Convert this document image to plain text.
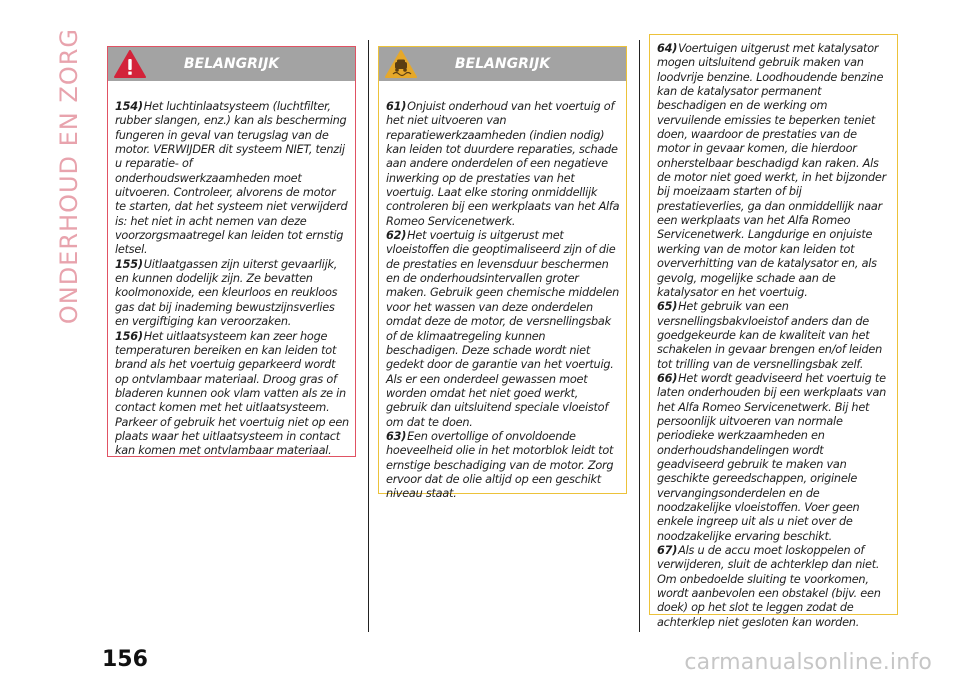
ONDERHOUD EN ZORG	BELANGRIJK
154)Het luchtinlaatsysteem (luchtfilter, rubber slangen, enz.) kan als bescherming fungeren in geval van terugslag van de motor. VERWIJDER dit systeem NIET, tenzij u reparatie- of onderhoudswerkzaamheden moet uitvoeren. Controleer, alvorens de motor te starten, dat het systeem niet verwijderd is: het niet in acht nemen van deze voorzorgsmaatregel kan leiden tot ernstig letsel.
155)Uitlaatgassen zijn uiterst gevaarlijk, en kunnen dodelijk zijn. Ze bevatten koolmonoxide, een kleurloos en reukloos gas dat bij inademing bewustzijnsverlies en vergiftiging kan veroorzaken.
156)Het uitlaatsysteem kan zeer hoge temperaturen bereiken en kan leiden tot brand als het voertuig geparkeerd wordt op ontvlambaar materiaal. Droog gras of bladeren kunnen ook vlam vatten als ze in contact komen met het uitlaatsysteem. Parkeer of gebruik het voertuig niet op een plaats waar het uitlaatsysteem in contact kan komen met ontvlambaar materiaal.
BELANGRIJK
61)Onjuist onderhoud van het voertuig of het niet uitvoeren van reparatiewerkzaamheden (indien nodig) kan leiden tot duurdere reparaties, schade aan andere onderdelen of een negatieve inwerking op de prestaties van het voertuig. Laat elke storing onmiddellijk controleren bij een werkplaats van het Alfa Romeo Servicenetwerk.
62)Het voertuig is uitgerust met vloeistoffen die geoptimaliseerd zijn of die de prestaties en levensduur beschermen en de onderhoudsintervallen groter maken. Gebruik geen chemische middelen voor het wassen van deze onderdelen omdat deze de motor, de versnellingsbak of de klimaatregeling kunnen beschadigen. Deze schade wordt niet gedekt door de garantie van het voertuig. Als er een onderdeel gewassen moet worden omdat het niet goed werkt, gebruik dan uitsluitend speciale vloeistof om dat te doen.
63)Een overtollige of onvoldoende hoeveelheid olie in het motorblok leidt tot ernstige beschadiging van de motor. Zorg ervoor dat de olie altijd op een geschikt niveau staat.
64)Voertuigen uitgerust met katalysator mogen uitsluitend gebruik maken van loodvrije benzine. Loodhoudende benzine kan de katalysator permanent beschadigen en de werking om vervuilende emissies te beperken teniet doen, waardoor de prestaties van de motor in gevaar komen, die hierdoor onherstelbaar beschadigd kan raken. Als de motor niet goed werkt, in het bijzonder bij moeizaam starten of bij prestatieverlies, ga dan onmiddellijk naar een werkplaats van het Alfa Romeo Servicenetwerk. Langdurige en onjuiste werking van de motor kan leiden tot oververhitting van de katalysator en, als gevolg, mogelijke schade aan de katalysator en het voertuig.
65)Het gebruik van een versnellingsbakvloeistof anders dan de goedgekeurde kan de kwaliteit van het schakelen in gevaar brengen en/of leiden tot trilling van de versnellingsbak zelf.
66)Het wordt geadviseerd het voertuig te laten onderhouden bij een werkplaats van het Alfa Romeo Servicenetwerk. Bij het persoonlijk uitvoeren van normale periodieke werkzaamheden en onderhoudshandelingen wordt geadviseerd gebruik te maken van geschikte gereedschappen, originele vervangingsonderdelen en de noodzakelijke vloeistoffen. Voer geen enkele ingreep uit als u niet over de noodzakelijke ervaring beschikt.
67)Als u de accu moet loskoppelen of verwijderen, sluit de achterklep dan niet. Om onbedoelde sluiting te voorkomen, wordt aanbevolen een obstakel (bijv. een doek) op het slot te leggen zodat de achterklep niet gesloten kan worden.
156	carmanualsonline.info
